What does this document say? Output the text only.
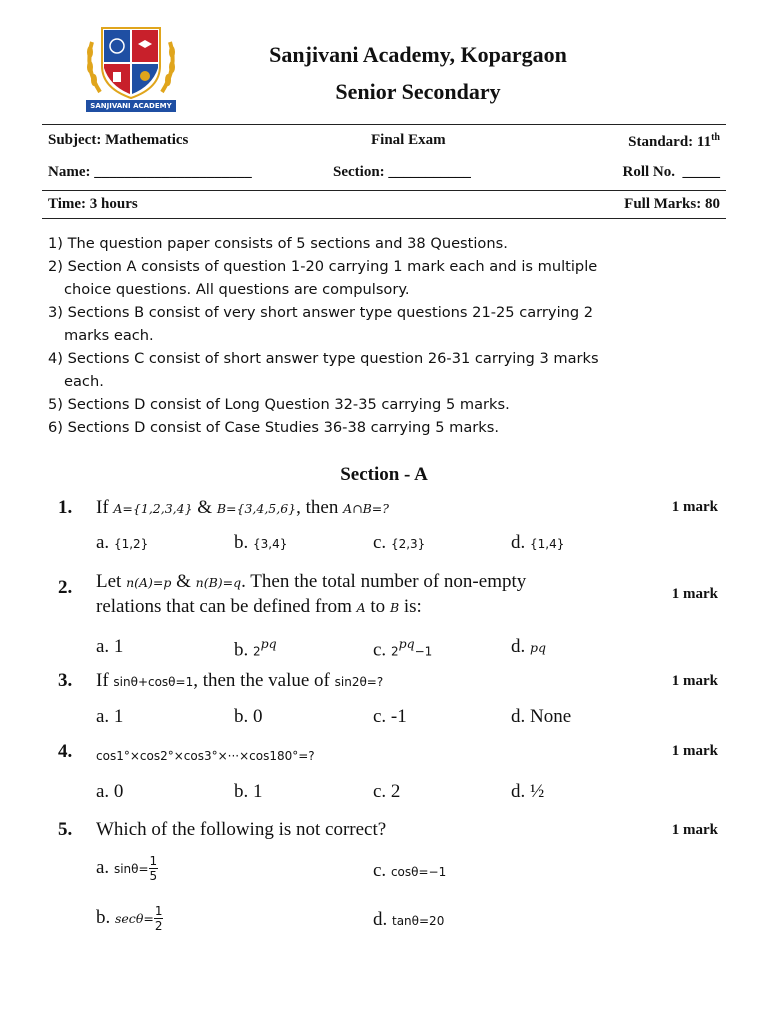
SANJIVANI ACADEMY
Sanjivani Academy, Kopargaon
Senior Secondary
Subject: Mathematics	Final Exam	Standard: 11th
Name: _____________________	Section: ___________	Roll No. _____
Time: 3 hours	Full Marks: 80
1) The question paper consists of 5 sections and 38 Questions.
2) Section A consists of question 1-20 carrying 1 mark each and is multiple
choice questions. All questions are compulsory.
3) Sections B consist of very short answer type questions 21-25 carrying 2
marks each.
4) Sections C consist of short answer type question 26-31 carrying 3 marks
each.
5) Sections D consist of Long Question 32-35 carrying 5 marks.
6) Sections D consist of Case Studies 36-38 carrying 5 marks.
Section - A
1. If A={1,2,3,4} & B={3,4,5,6}, then A∩B=?	1 mark
a. {1,2}	b. {3,4}	c. {2,3}	d. {1,4}
2. Let n(A)=p & n(B)=q. Then the total number of non-empty
relations that can be defined from A to B is:
1 mark
a. 1	b. $2^{pq}$	c. $2^{pq}-1$	d. pq
3. If sinθ+cosθ=1, then the value of sin2θ=?	1 mark
a. 1	b. 0	c. -1	d. None
4. cos1°×cos2°×cos3°×···×cos180°=?	1 mark
a. 0	b. 1	c. 2	d. ½
5. Which of the following is not correct?	1 mark
a. $\sin\theta= \frac{1}{5}$	c. cosθ=−1
b. $\sec\theta= \frac{1}{2}$	d. tanθ=20
